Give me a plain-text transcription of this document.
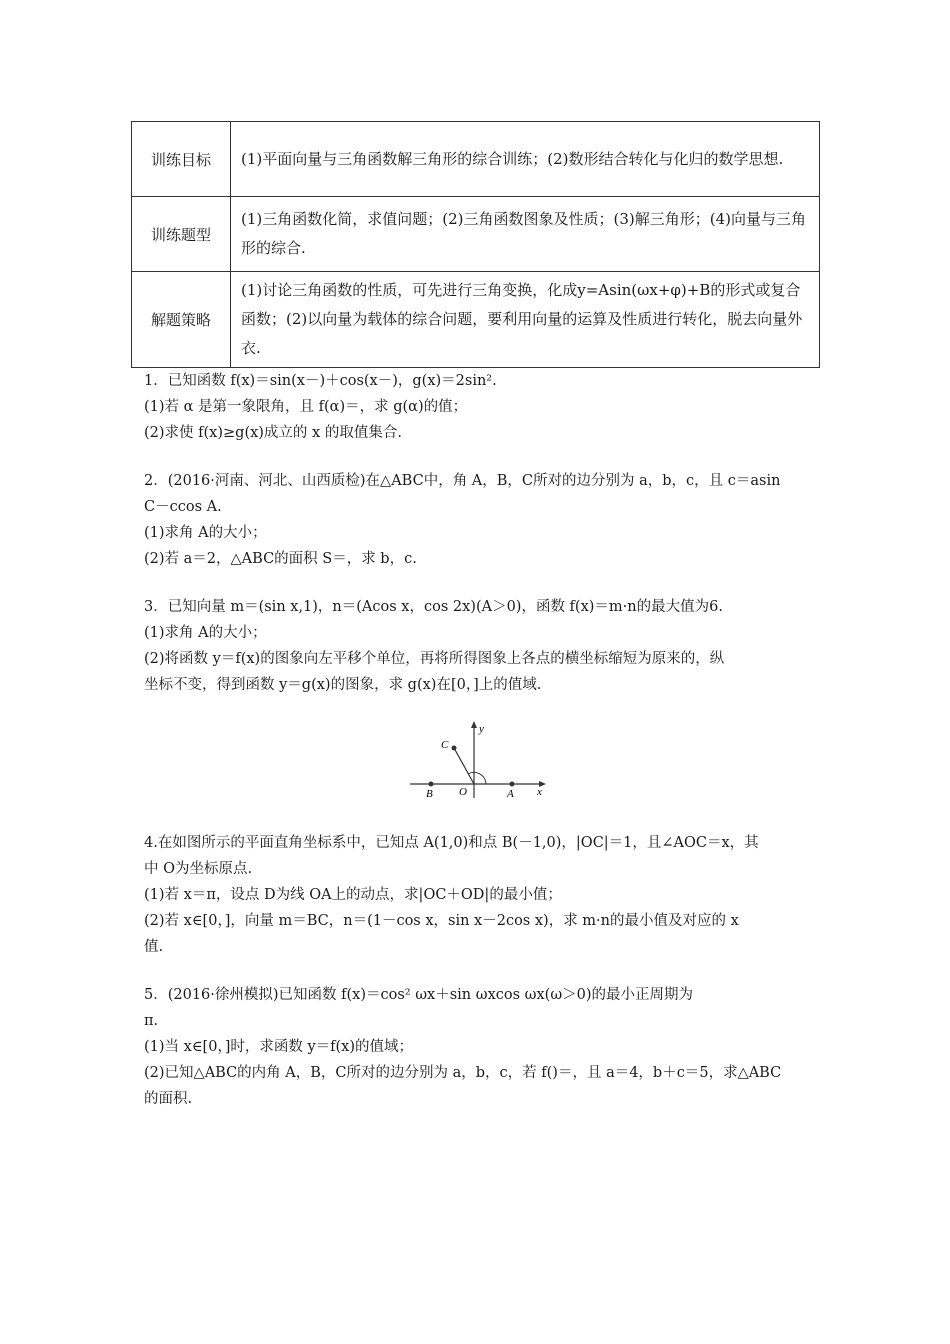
训练目标	(1)平面向量与三角函数解三角形的综合训练；(2)数形结合转化与化归的数学思想.
训练题型	(1)三角函数化简，求值问题；(2)三角函数图象及性质；(3)解三角形；(4)向量与三角形的综合.
解题策略	(1)讨论三角函数的性质，可先进行三角变换，化成y=Asin(ωx+φ)+B的形式或复合函数；(2)以向量为载体的综合问题，要利用向量的运算及性质进行转化，脱去向量外衣.

1．已知函数 f(x)＝sin(x－)＋cos(x－)，g(x)＝2sin².

(1)若 α 是第一象限角，且 f(α)＝，求 g(α)的值；

(2)求使 f(x)≥g(x)成立的 x 的取值集合.

2．(2016·河南、河北、山西质检)在△ABC中，角 A，B，C所对的边分别为 a，b，c，且 c＝asin

C－ccos A.

(1)求角 A的大小；

(2)若 a＝2，△ABC的面积 S＝，求 b，c.

3．已知向量 m＝(sin x,1)，n＝(Acos x，cos 2x)(A＞0)，函数 f(x)＝m·n的最大值为6.

(1)求角 A的大小；

(2)将函数 y＝f(x)的图象向左平移个单位，再将所得图象上各点的横坐标缩短为原来的，纵

坐标不变，得到函数 y＝g(x)的图象，求 g(x)在[0，]上的值域.

y
x
C
B O	A

4.在如图所示的平面直角坐标系中，已知点 A(1,0)和点 B(－1,0)，|OC|＝1，且∠AOC＝x，其

中 O为坐标原点.

(1)若 x＝π，设点 D为线 OA上的动点，求|OC＋OD|的最小值；

(2)若 x∈[0，]，向量 m＝BC，n＝(1－cos x，sin x－2cos x)，求 m·n的最小值及对应的 x

值.

5．(2016·徐州模拟)已知函数 f(x)＝cos² ωx＋sin ωxcos ωx(ω＞0)的最小正周期为

π.

(1)当 x∈[0，]时，求函数 y＝f(x)的值域；

(2)已知△ABC的内角 A，B，C所对的边分别为 a，b，c，若 f()＝，且 a＝4，b＋c＝5，求△ABC

的面积.
